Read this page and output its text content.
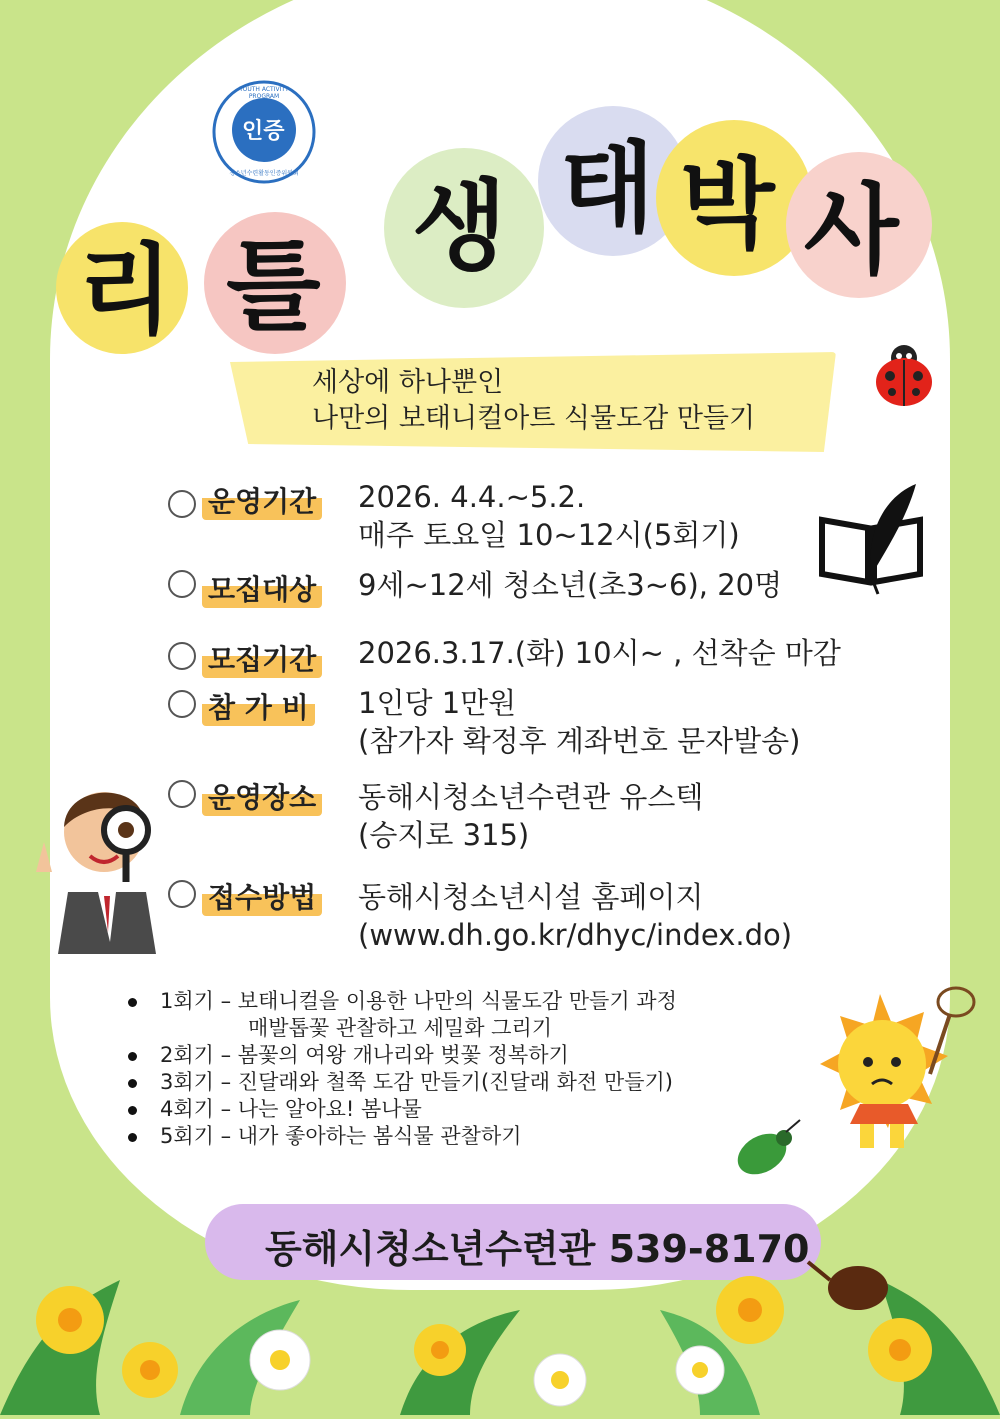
인증
YOUTH ACTIVITY PROGRAM
청소년수련활동인증위원회
리 틀
생 태 박 사
세상에 하나뿐인
나만의 보태니컬아트 식물도감 만들기
운영기간 2026. 4.4.~5.2.
매주 토요일 10~12시(5회기)
모집대상 9세~12세 청소년(초3~6), 20명
모집기간 2026.3.17.(화) 10시~ , 선착순 마감
참 가 비 1인당 1만원
(참가자 확정후 계좌번호 문자발송)
운영장소 동해시청소년수련관 유스텍
(승지로 315)
접수방법 동해시청소년시설 홈페이지
(www.dh.go.kr/dhyc/index.do)
1회기 – 보태니컬을 이용한 나만의 식물도감 만들기 과정
매발톱꽃 관찰하고 세밀화 그리기
2회기 – 봄꽃의 여왕 개나리와 벚꽃 정복하기
3회기 – 진달래와 철쭉 도감 만들기(진달래 화전 만들기)
4회기 – 나는 알아요! 봄나물
5회기 – 내가 좋아하는 봄식물 관찰하기
동해시청소년수련관 539-8170
